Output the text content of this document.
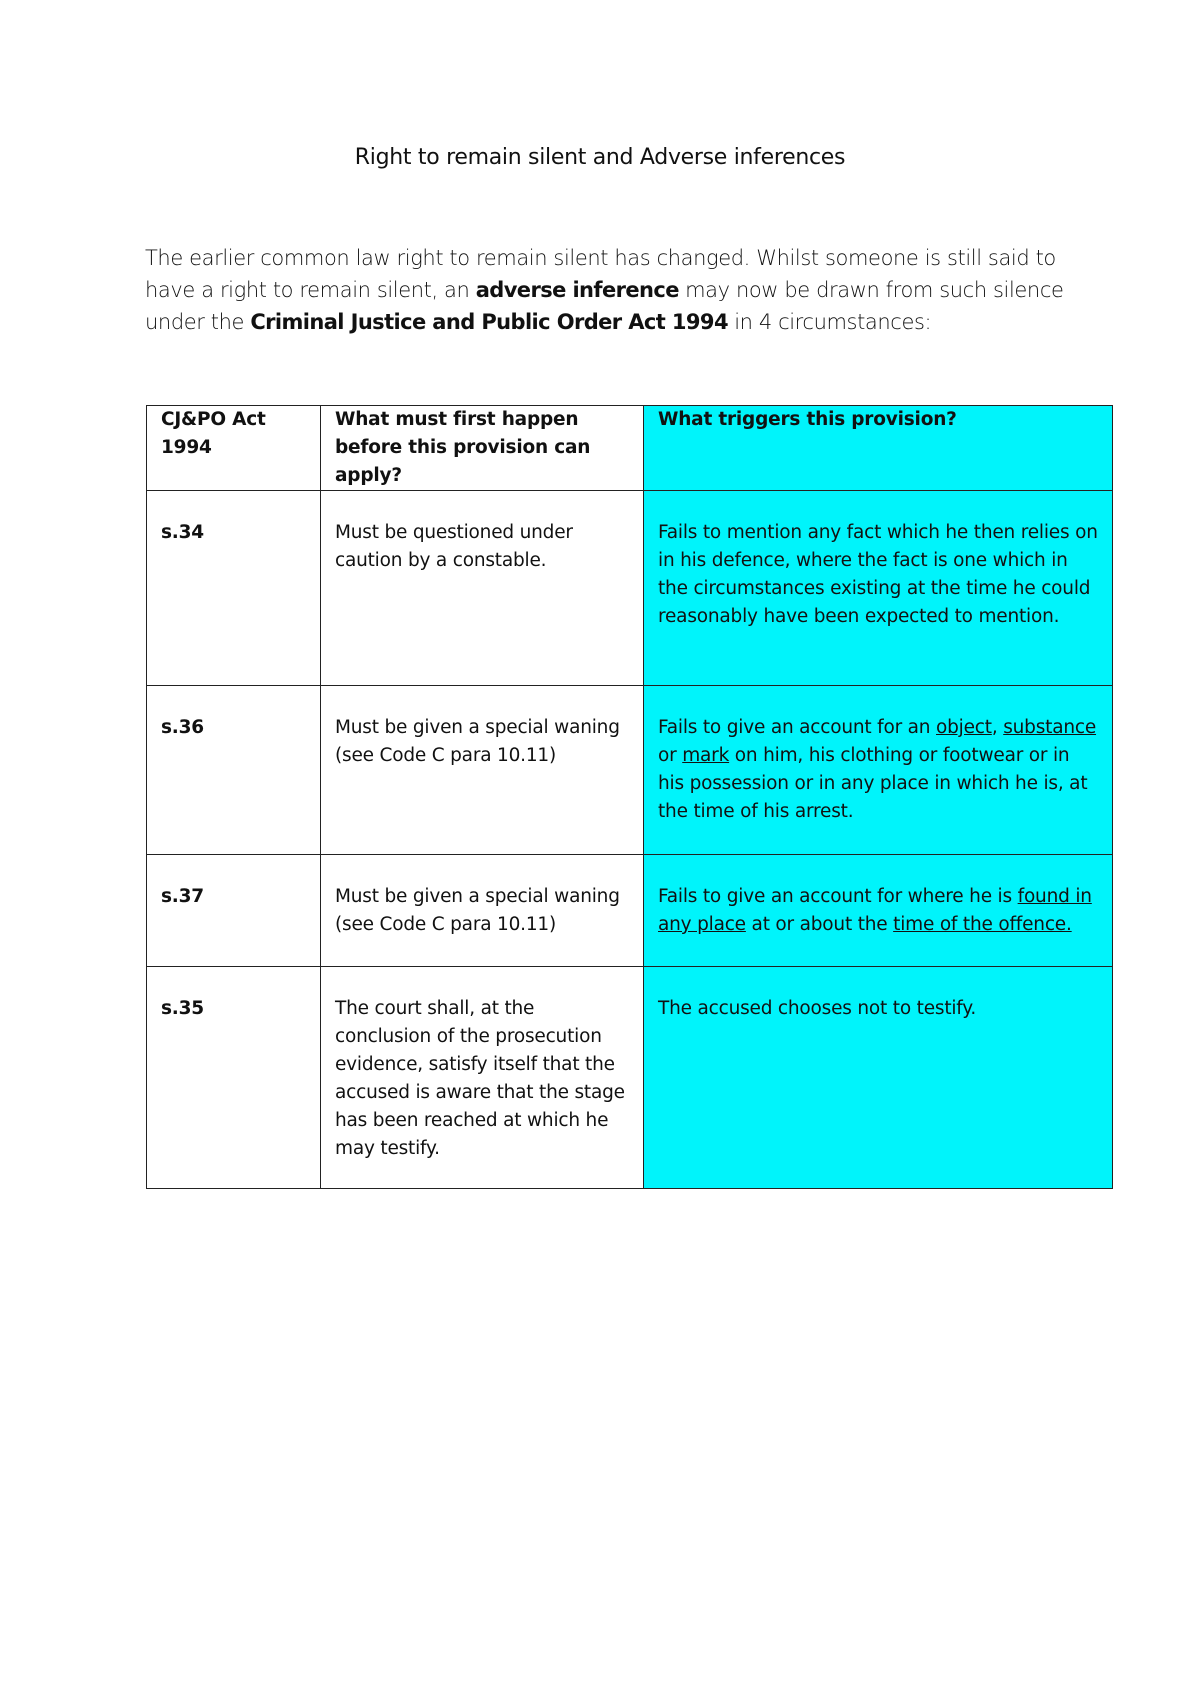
Right to remain silent and Adverse inferences
The earlier common law right to remain silent has changed. Whilst someone is still said to have a right to remain silent, an adverse inference may now be drawn from such silence under the Criminal Justice and Public Order Act 1994 in 4 circumstances:
CJ&PO Act 1994	What must first happen before this provision can apply?	What triggers this provision?
s.34	Must be questioned under caution by a constable.	Fails to mention any fact which he then relies on in his defence, where the fact is one which in the circumstances existing at the time he could reasonably have been expected to mention.
s.36	Must be given a special waning (see Code C para 10.11)	Fails to give an account for an object, substance or mark on him, his clothing or footwear or in his possession or in any place in which he is, at the time of his arrest.
s.37	Must be given a special waning (see Code C para 10.11)	Fails to give an account for where he is found in any place at or about the time of the offence.
s.35	The court shall, at the conclusion of the prosecution evidence, satisfy itself that the accused is aware that the stage has been reached at which he may testify.	The accused chooses not to testify.
